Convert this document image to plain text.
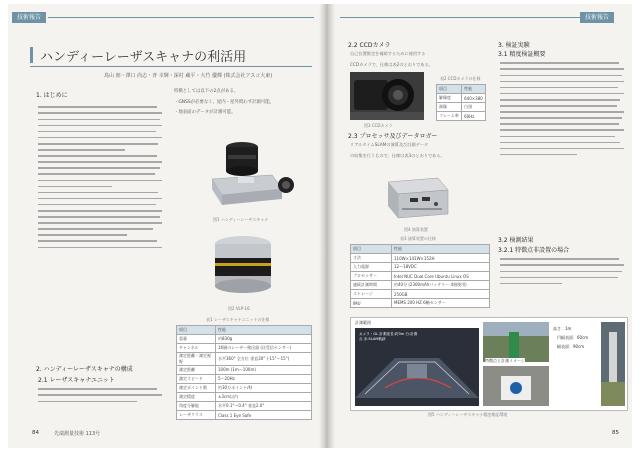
技術報告
ハンディーレーザスキャナの利活用
鳥山 朋・澤口 尚志・斉 幸輝・深村 蔵平・大竹 優輝 (株式会社アスコ大東)
1. はじめに
2. ハンディーレーザスキャナの構成
2.1 レーザスキャナユニット
特徴としては以下の2点がある。
・GNSSが必要なく、屋内・屋外問わず計測可能。
・地表面のデータが計測可能。
図1 ハンディーレーザスキャナ
図2 VLP-16
表1 レーザスキャナユニットの仕様
項目	性能
重量	約830g
チャンネル	16層のレーザー検出器 (送受信センサー)
測定距離・測定視野	水平360° 全方位 垂直30° (-15°〜15°)
測定距離	100m (1m〜100m)
測定スピード	5〜20Hz
測定ポイント数	約30万ポイント/秒
測定精度	±3cm以内
角度分解能	水平0.1°〜0.4° 垂直2.0°
レーザクラス	Class 1 Eye Safe
84	先端測量技術 113号
技術報告
2.2 CCDカメラ
自己位置推定を補助するために使用する
CCDカメラで、仕様は表2のとおりである。
図3 CCDカメラ
表2 CCDカメラの仕様
項目	性能
解像度	640×380
画像	白黒
フレーム率	60Hz
2.3 プロセッサ及びデータロガー
リアルタイムSLAMの演算及び計測データ
の収集を行うもので、仕様は表3のとおりである。
図4 演算装置
表3 演算装置の仕様
項目	性能
寸法	110W×141W×152H
入力電源	12〜18VDC
プロセッサー	Intel NUC Dual Core Ubuntu Linux OS
連続計測時間	約40分 (2300mAhバッテリー 4個使用)
ストレージ	250GB
IMU	MEMS 200 HZ 6軸センサー
3. 検証実験
3.1 精度検証概要
3.2 検測結果
3.2.1 特徴点非設置の場合
計測範囲
カメラ・GL 計測延長:約3m 白:計測点 赤:SLAM軌跡
特徴点と計測イメージ
高さ：1m
円幅表面：60cm
幅表面：90cm
図5 ハンディーレーザスキャナ精度検証環境
85
